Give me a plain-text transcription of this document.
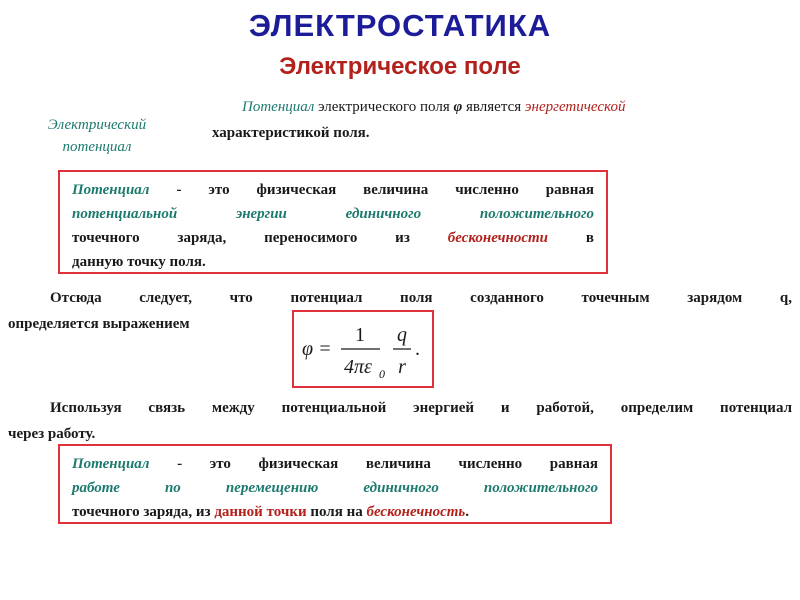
ЭЛЕКТРОСТАТИКА
Электрическое поле
Электрический
потенциал
Потенциал электрического поля φ является энергетической
характеристикой поля.
Потенциал - это физическая величина численно равная
потенциальной энергии единичного положительного
точечного заряда, переносимого из бесконечности в
данную точку поля.
Отсюда следует, что потенциал поля созданного точечным зарядом q,
определяется выражением
φ =
1
4πε 0
q
r
.
Используя связь между потенциальной энергией и работой, определим потенциал
через работу.
Потенциал - это физическая величина численно равная
работе по перемещению единичного положительного
точечного заряда, из данной точки поля на бесконечность.
